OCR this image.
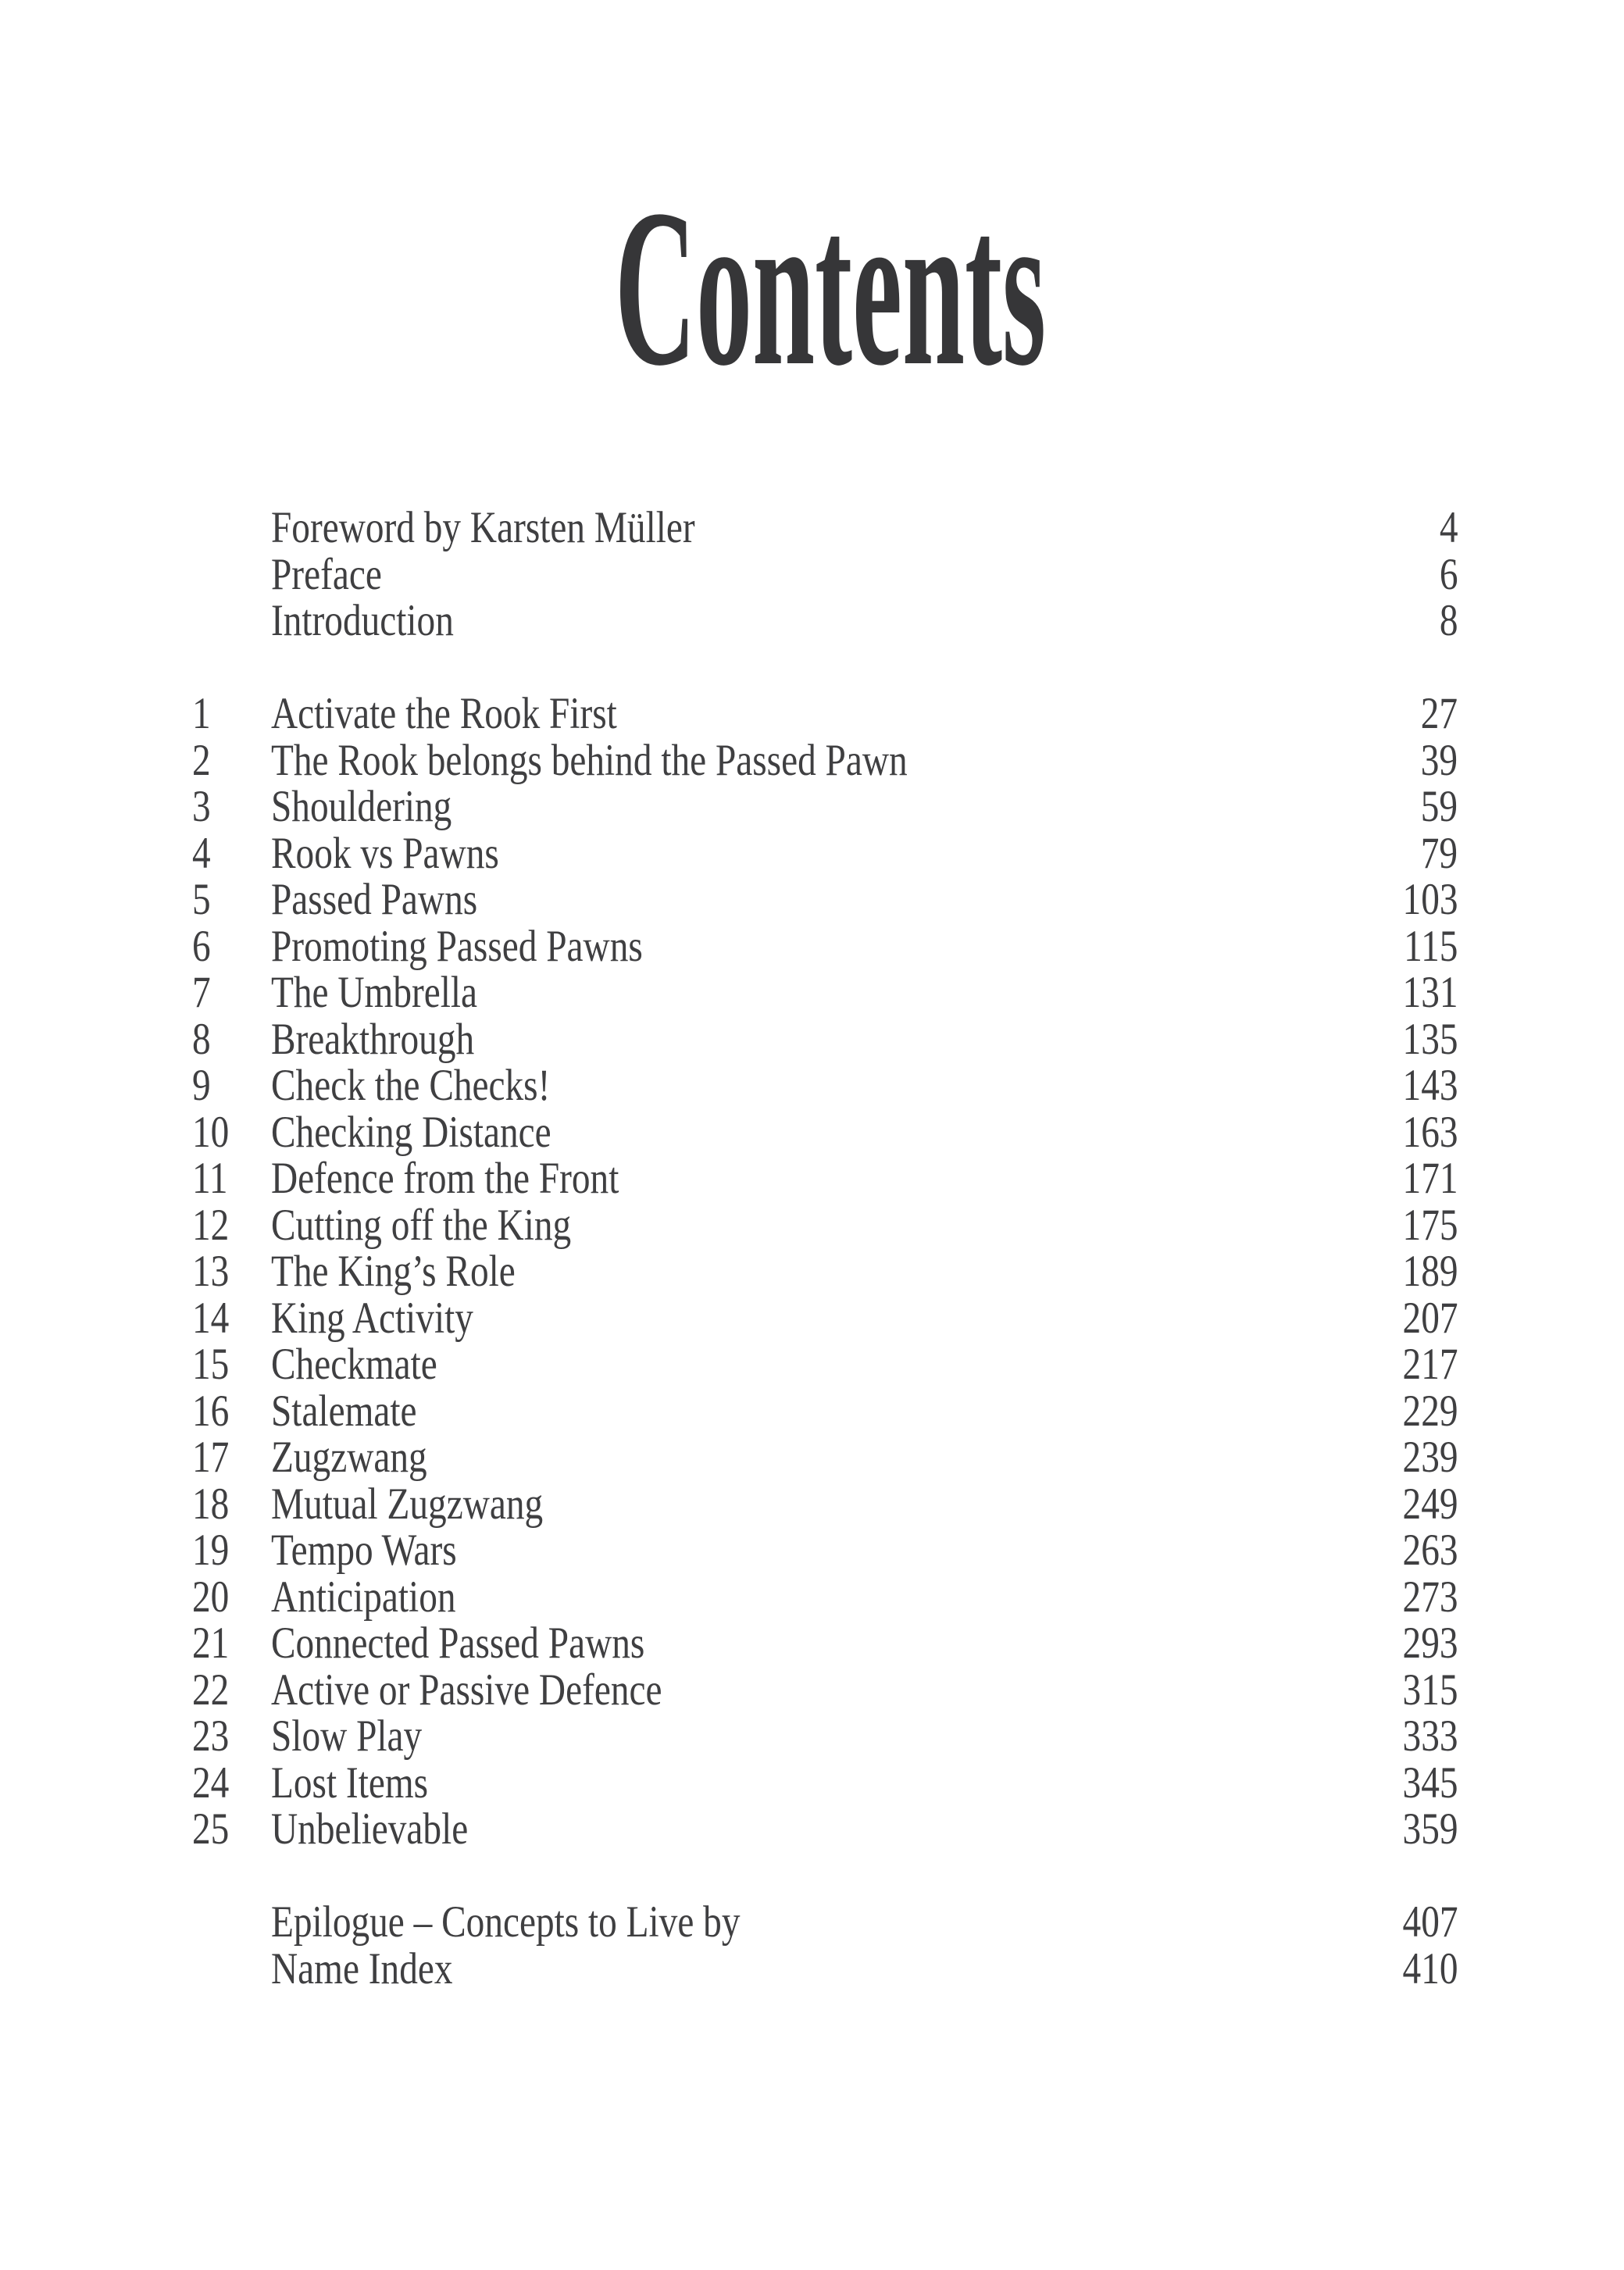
Contents
Foreword by Karsten Müller	4
Preface	6
Introduction	8
1 Activate the Rook First	27
2 The Rook belongs behind the Passed Pawn	39
3 Shouldering	59
4 Rook vs Pawns	79
5 Passed Pawns	103
6 Promoting Passed Pawns	115
7 The Umbrella	131
8 Breakthrough	135
9 Check the Checks!	143
10 Checking Distance	163
11 Defence from the Front	171
12 Cutting off the King	175
13 The King’s Role	189
14 King Activity	207
15 Checkmate	217
16 Stalemate	229
17 Zugzwang	239
18 Mutual Zugzwang	249
19 Tempo Wars	263
20 Anticipation	273
21 Connected Passed Pawns	293
22 Active or Passive Defence	315
23 Slow Play	333
24 Lost Items	345
25 Unbelievable	359
Epilogue – Concepts to Live by	407
Name Index	410
